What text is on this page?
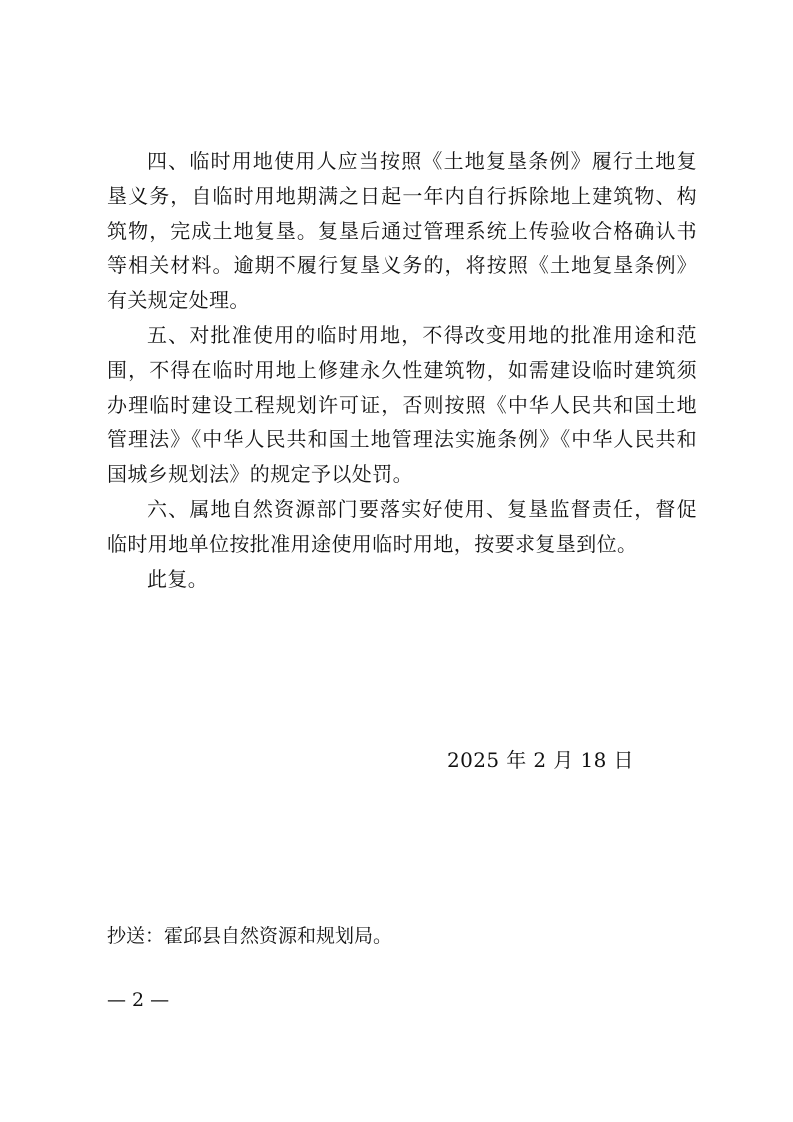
四、临时用地使用人应当按照《土地复垦条例》履行土地复垦义务，自临时用地期满之日起一年内自行拆除地上建筑物、构筑物，完成土地复垦。复垦后通过管理系统上传验收合格确认书等相关材料。逾期不履行复垦义务的，将按照《土地复垦条例》有关规定处理。

五、对批准使用的临时用地，不得改变用地的批准用途和范围，不得在临时用地上修建永久性建筑物，如需建设临时建筑须办理临时建设工程规划许可证，否则按照《中华人民共和国土地管理法》《中华人民共和国土地管理法实施条例》《中华人民共和国城乡规划法》的规定予以处罚。

六、属地自然资源部门要落实好使用、复垦监督责任，督促临时用地单位按批准用途使用临时用地，按要求复垦到位。

此复。

2025 年 2 月 18 日
抄送：霍邱县自然资源和规划局。
— 2 —
